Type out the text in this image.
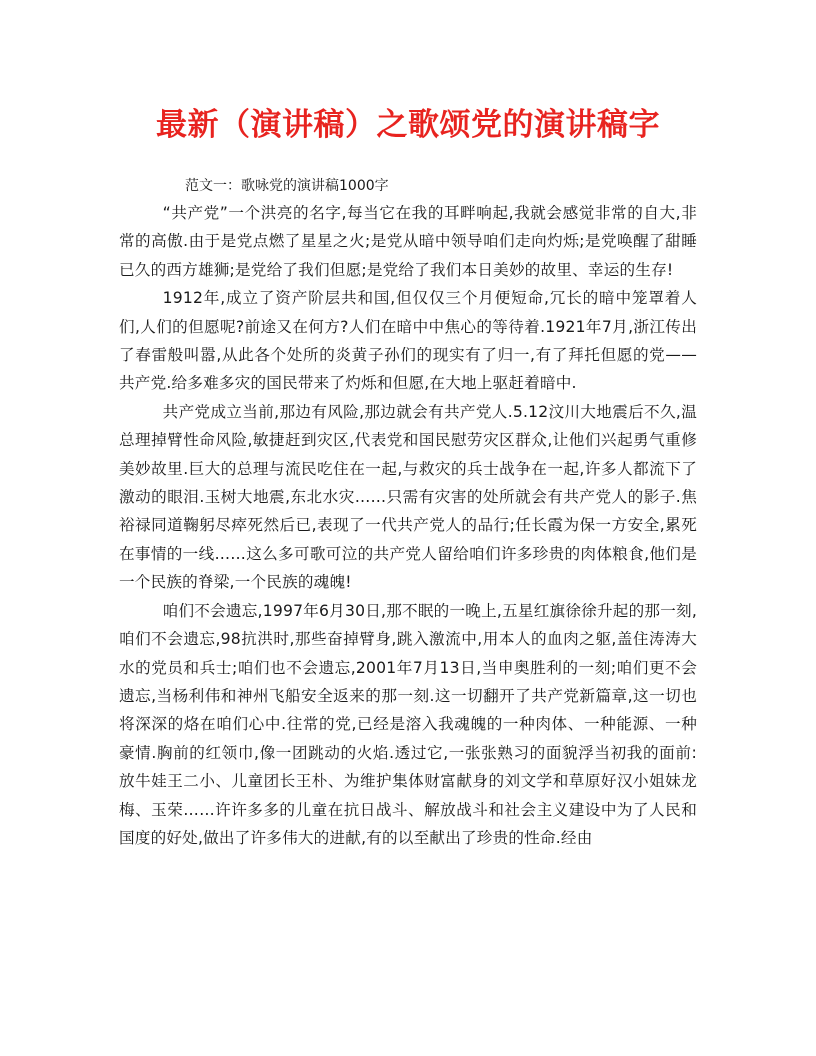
最新（演讲稿）之歌颂党的演讲稿字

范文一：歌咏党的演讲稿1000字

“共产党”一个洪亮的名字,每当它在我的耳畔响起,我就会感觉非常的自大,非常的高傲.由于是党点燃了星星之火;是党从暗中领导咱们走向灼烁;是党唤醒了甜睡已久的西方雄狮;是党给了我们但愿;是党给了我们本日美妙的故里、幸运的生存!

1912年,成立了资产阶层共和国,但仅仅三个月便短命,冗长的暗中笼罩着人们,人们的但愿呢?前途又在何方?人们在暗中中焦心的等待着.1921年7月,浙江传出了春雷般叫嚣,从此各个处所的炎黄子孙们的现实有了归一,有了拜托但愿的党——共产党.给多难多灾的国民带来了灼烁和但愿,在大地上驱赶着暗中.

共产党成立当前,那边有风险,那边就会有共产党人.5.12汶川大地震后不久,温总理掉臂性命风险,敏捷赶到灾区,代表党和国民慰劳灾区群众,让他们兴起勇气重修美妙故里.巨大的总理与流民吃住在一起,与救灾的兵士战争在一起,许多人都流下了激动的眼泪.玉树大地震,东北水灾……只需有灾害的处所就会有共产党人的影子.焦裕禄同道鞠躬尽瘁死然后已,表现了一代共产党人的品行;任长霞为保一方安全,累死在事情的一线……这么多可歌可泣的共产党人留给咱们许多珍贵的肉体粮食,他们是一个民族的脊梁,一个民族的魂魄!

咱们不会遗忘,1997年6月30日,那不眠的一晚上,五星红旗徐徐升起的那一刻,咱们不会遗忘,98抗洪时,那些奋掉臂身,跳入激流中,用本人的血肉之躯,盖住涛涛大水的党员和兵士;咱们也不会遗忘,2001年7月13日,当申奥胜利的一刻;咱们更不会遗忘,当杨利伟和神州飞船安全返来的那一刻.这一切翻开了共产党新篇章,这一切也将深深的烙在咱们心中.往常的党,已经是溶入我魂魄的一种肉体、一种能源、一种豪情.胸前的红领巾,像一团跳动的火焰.透过它,一张张熟习的面貌浮当初我的面前:放牛娃王二小、儿童团长王朴、为维护集体财富献身的刘文学和草原好汉小姐妹龙梅、玉荣……许许多多的儿童在抗日战斗、解放战斗和社会主义建设中为了人民和国度的好处,做出了许多伟大的进献,有的以至献出了珍贵的性命.经由
